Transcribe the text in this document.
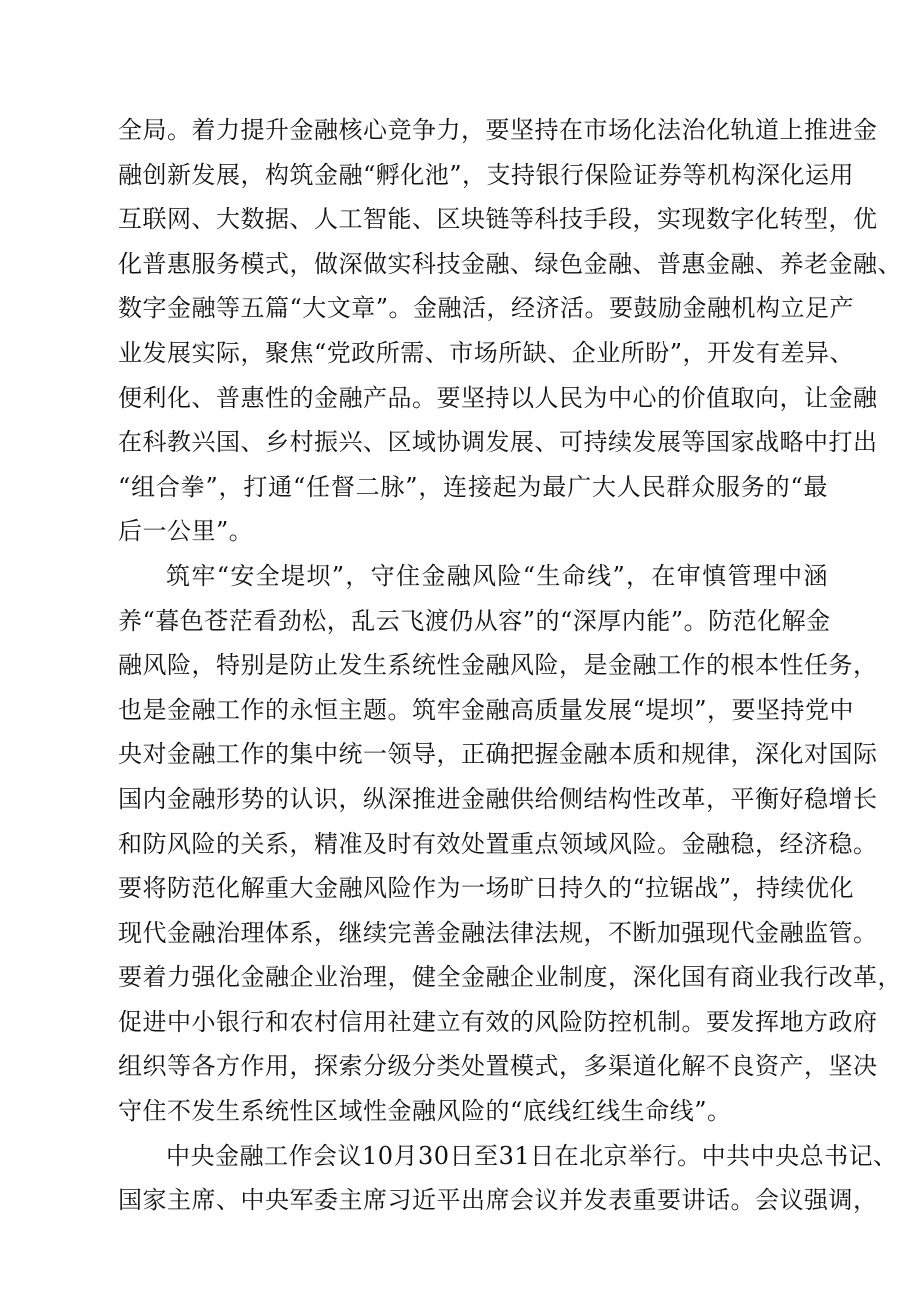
全局。着力提升金融核心竞争力，要坚持在市场化法治化轨道上推进金
融创新发展，构筑金融“孵化池”，支持银行保险证券等机构深化运用
互联网、大数据、人工智能、区块链等科技手段，实现数字化转型，优
化普惠服务模式，做深做实科技金融、绿色金融、普惠金融、养老金融、
数字金融等五篇“大文章”。金融活，经济活。要鼓励金融机构立足产
业发展实际，聚焦“党政所需、市场所缺、企业所盼”，开发有差异、
便利化、普惠性的金融产品。要坚持以人民为中心的价值取向，让金融
在科教兴国、乡村振兴、区域协调发展、可持续发展等国家战略中打出
“组合拳”，打通“任督二脉”，连接起为最广大人民群众服务的“最
后一公里”。
筑牢“安全堤坝”，守住金融风险“生命线”，在审慎管理中涵
养“暮色苍茫看劲松，乱云飞渡仍从容”的“深厚内能”。防范化解金
融风险，特别是防止发生系统性金融风险，是金融工作的根本性任务，
也是金融工作的永恒主题。筑牢金融高质量发展“堤坝”，要坚持党中
央对金融工作的集中统一领导，正确把握金融本质和规律，深化对国际
国内金融形势的认识，纵深推进金融供给侧结构性改革，平衡好稳增长
和防风险的关系，精准及时有效处置重点领域风险。金融稳，经济稳。
要将防范化解重大金融风险作为一场旷日持久的“拉锯战”，持续优化
现代金融治理体系，继续完善金融法律法规，不断加强现代金融监管。
要着力强化金融企业治理，健全金融企业制度，深化国有商业我行改革，
促进中小银行和农村信用社建立有效的风险防控机制。要发挥地方政府
组织等各方作用，探索分级分类处置模式，多渠道化解不良资产，坚决
守住不发生系统性区域性金融风险的“底线红线生命线”。
中央金融工作会议10月30日至31日在北京举行。中共中央总书记、
国家主席、中央军委主席习近平出席会议并发表重要讲话。会议强调，
